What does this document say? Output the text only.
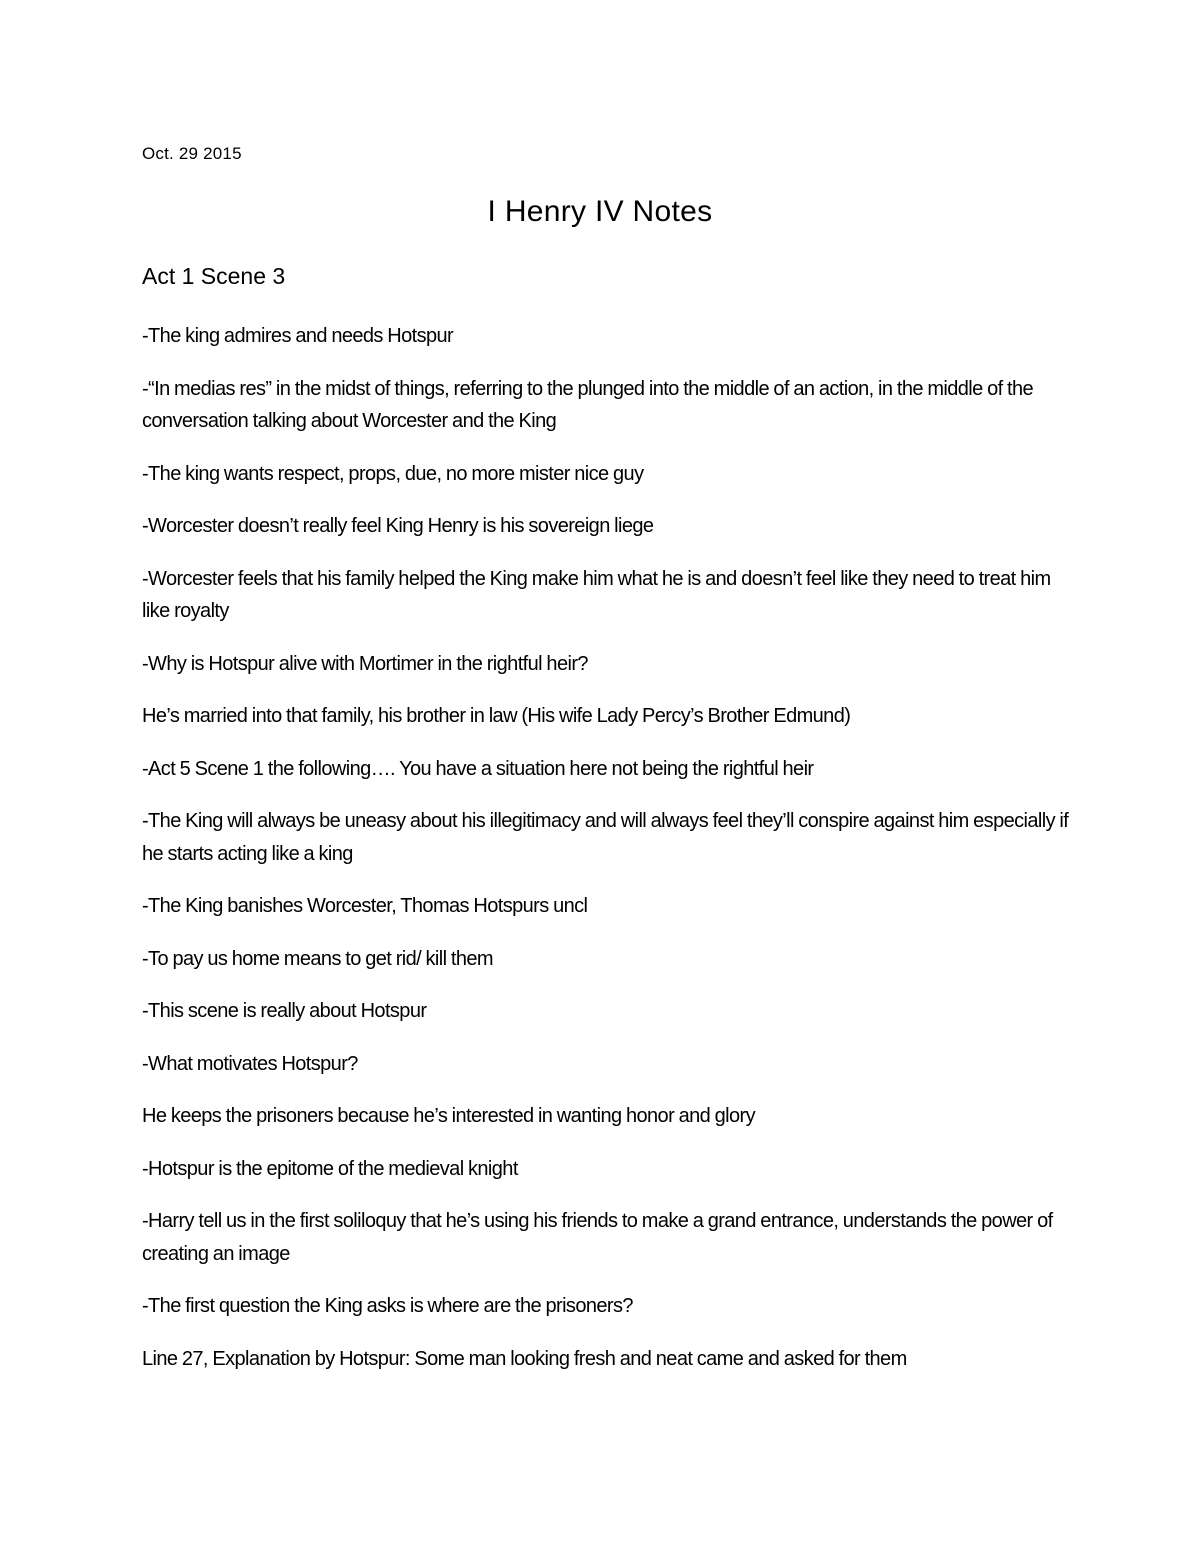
Oct. 29 2015
I Henry IV Notes
Act 1 Scene 3

-The king admires and needs Hotspur

-“In medias res” in the midst of things, referring to the plunged into the middle of an action, in the middle of the conversation talking about Worcester and the King

-The king wants respect, props, due, no more mister nice guy

-Worcester doesn’t really feel King Henry is his sovereign liege

-Worcester feels that his family helped the King make him what he is and doesn’t feel like they need to treat him like royalty

-Why is Hotspur alive with Mortimer in the rightful heir?

He’s married into that family, his brother in law (His wife Lady Percy’s Brother Edmund)

-Act 5 Scene 1 the following…. You have a situation here not being the rightful heir

-The King will always be uneasy about his illegitimacy and will always feel they’ll conspire against him especially if he starts acting like a king

-The King banishes Worcester, Thomas Hotspurs uncl

-To pay us home means to get rid/ kill them

-This scene is really about Hotspur

-What motivates Hotspur?

He keeps the prisoners because he’s interested in wanting honor and glory

-Hotspur is the epitome of the medieval knight

-Harry tell us in the first soliloquy that he’s using his friends to make a grand entrance, understands the power of creating an image

-The first question the King asks is where are the prisoners?

Line 27, Explanation by Hotspur: Some man looking fresh and neat came and asked for them
